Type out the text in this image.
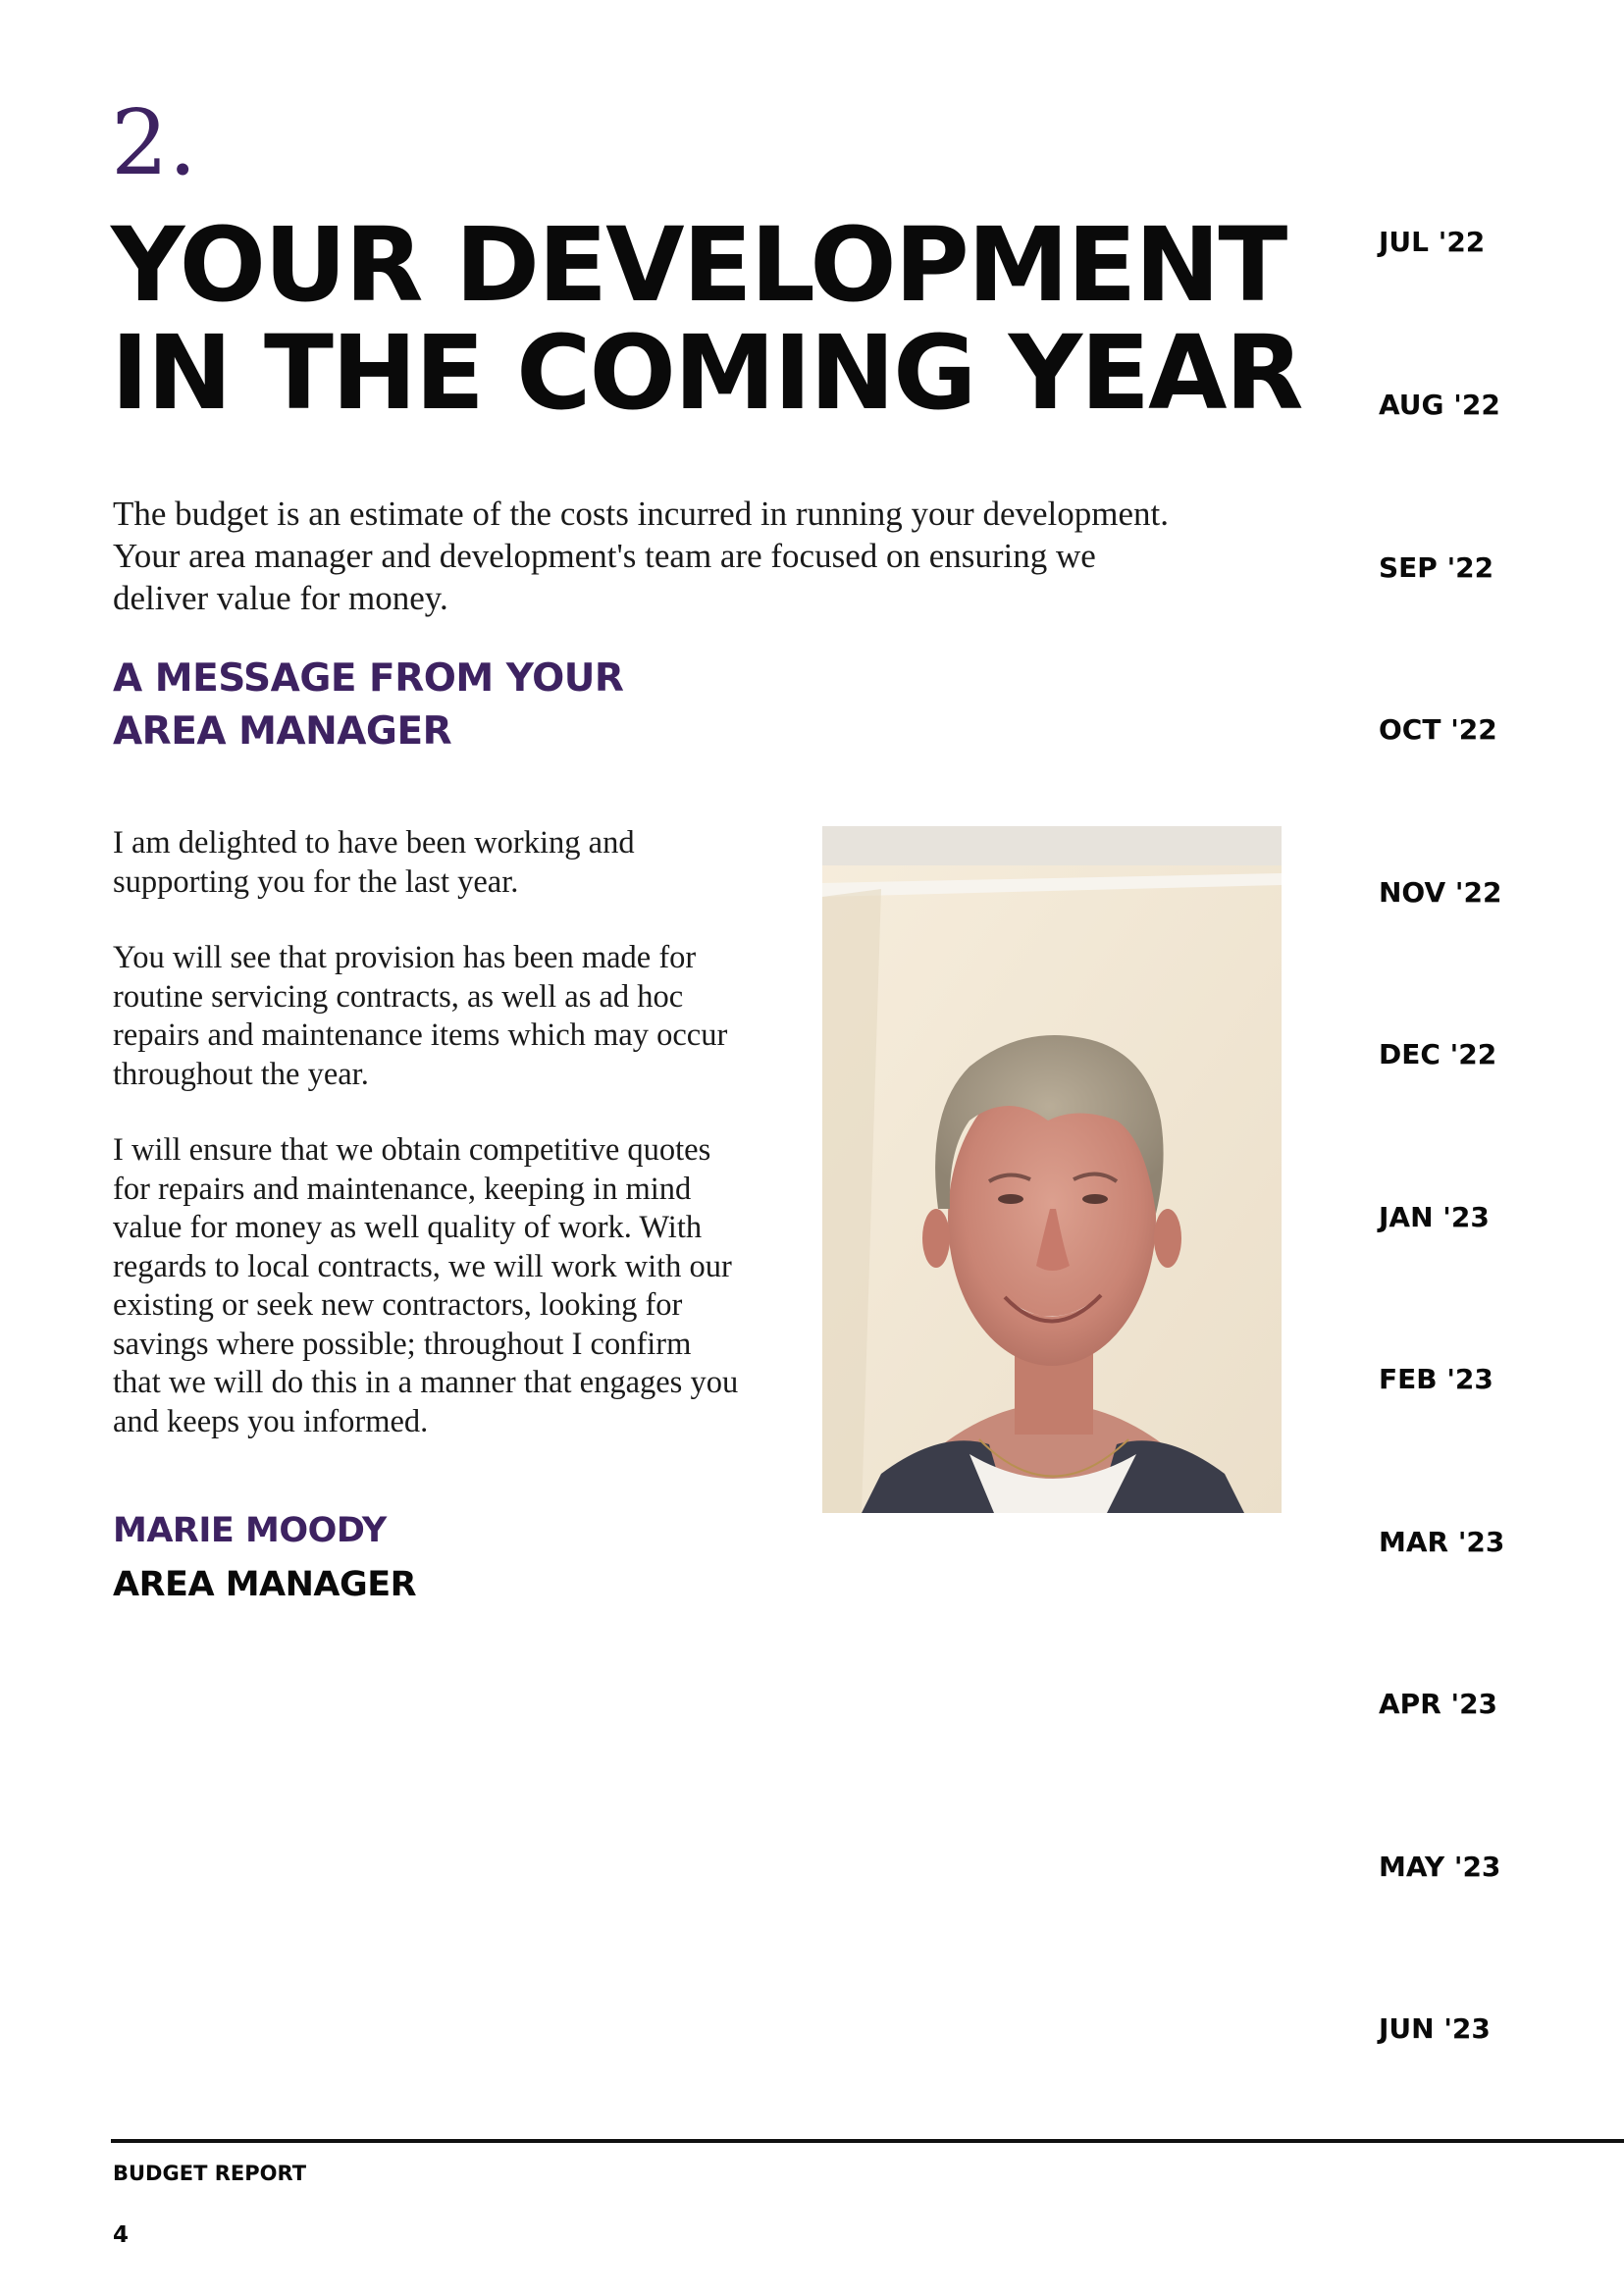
2.
YOUR DEVELOPMENT
IN THE COMING YEAR

The budget is an estimate of the costs incurred in running your development.
Your area manager and development's team are focused on ensuring we
deliver value for money.

A MESSAGE FROM YOUR
AREA MANAGER

I am delighted to have been working and
supporting you for the last year.

You will see that provision has been made for
routine servicing contracts, as well as ad hoc
repairs and maintenance items which may occur
throughout the year.

I will ensure that we obtain competitive quotes
for repairs and maintenance, keeping in mind
value for money as well quality of work. With
regards to local contracts, we will work with our
existing or seek new contractors, looking for
savings where possible; throughout I confirm
that we will do this in a manner that engages you
and keeps you informed.

MARIE MOODY
AREA MANAGER
JUL '22
AUG '22
SEP '22
OCT '22
NOV '22
DEC '22
JAN '23
FEB '23
MAR '23
APR '23
MAY '23
JUN '23
BUDGET REPORT
4
